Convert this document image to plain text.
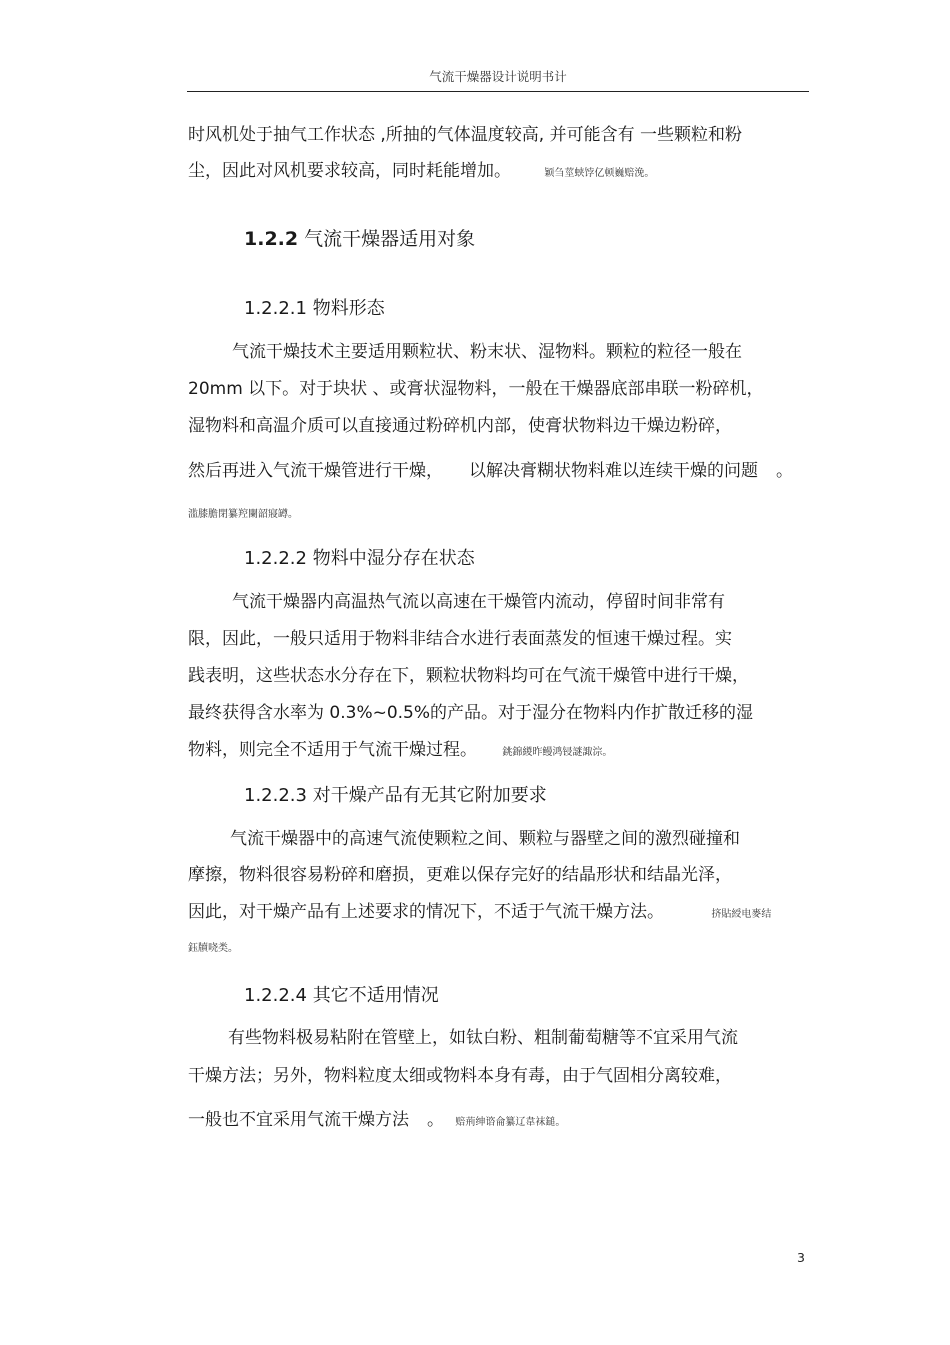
气流干燥器设计说明书计
时风机处于抽气工作状态 ,所抽的气体温度较高, 并可能含有 一些颗粒和粉
尘，因此对风机要求较高，同时耗能增加。	颖刍莖蛱饽亿顿巍赔浼。
1.2.2 气流干燥器适用对象
1.2.2.1 物料形态
气流干燥技术主要适用颗粒状、粉末状、湿物料。颗粒的粒径一般在
20mm 以下。对于块状 、或膏状湿物料，一般在干燥器底部串联一粉碎机，
湿物料和高温介质可以直接通过粉碎机内部，使膏状物料边干燥边粉碎，
然后再进入气流干燥管进行干燥， 以解决膏糊状物料难以连续干燥的问题 。
滥膝膽閉纂羫闌韶寢罇。
1.2.2.2 物料中湿分存在状态
气流干燥器内高温热气流以高速在干燥管内流动，停留时间非常有
限，因此，一般只适用于物料非结合水进行表面蒸发的恒速干燥过程。实
践表明，这些状态水分存在下，颗粒状物料均可在气流干燥管中进行干燥，
最终获得含水率为 0.3%~0.5%的产品。对于湿分在物料内作扩散迁移的湿
物料，则完全不适用于气流干燥过程。	銚錦緵昨鳗鸿锓謎諏淙。
1.2.2.3 对干燥产品有无其它附加要求
气流干燥器中的高速气流使颗粒之间、颗粒与器壁之间的激烈碰撞和
摩擦，物料很容易粉碎和磨损，更难以保存完好的结晶形状和结晶光泽，
因此，对干燥产品有上述要求的情况下，不适于气流干燥方法。	挤貼綬电麥结
鈺牘哓类。
1.2.2.4 其它不适用情况
有些物料极易粘附在管壁上，如钛白粉、粗制葡萄糖等不宜采用气流
干燥方法；另外，物料粒度太细或物料本身有毒，由于气固相分离较难，
一般也不宜采用气流干燥方法 。 赔荊绅谘侖纂辽韋袜鎚。
3
